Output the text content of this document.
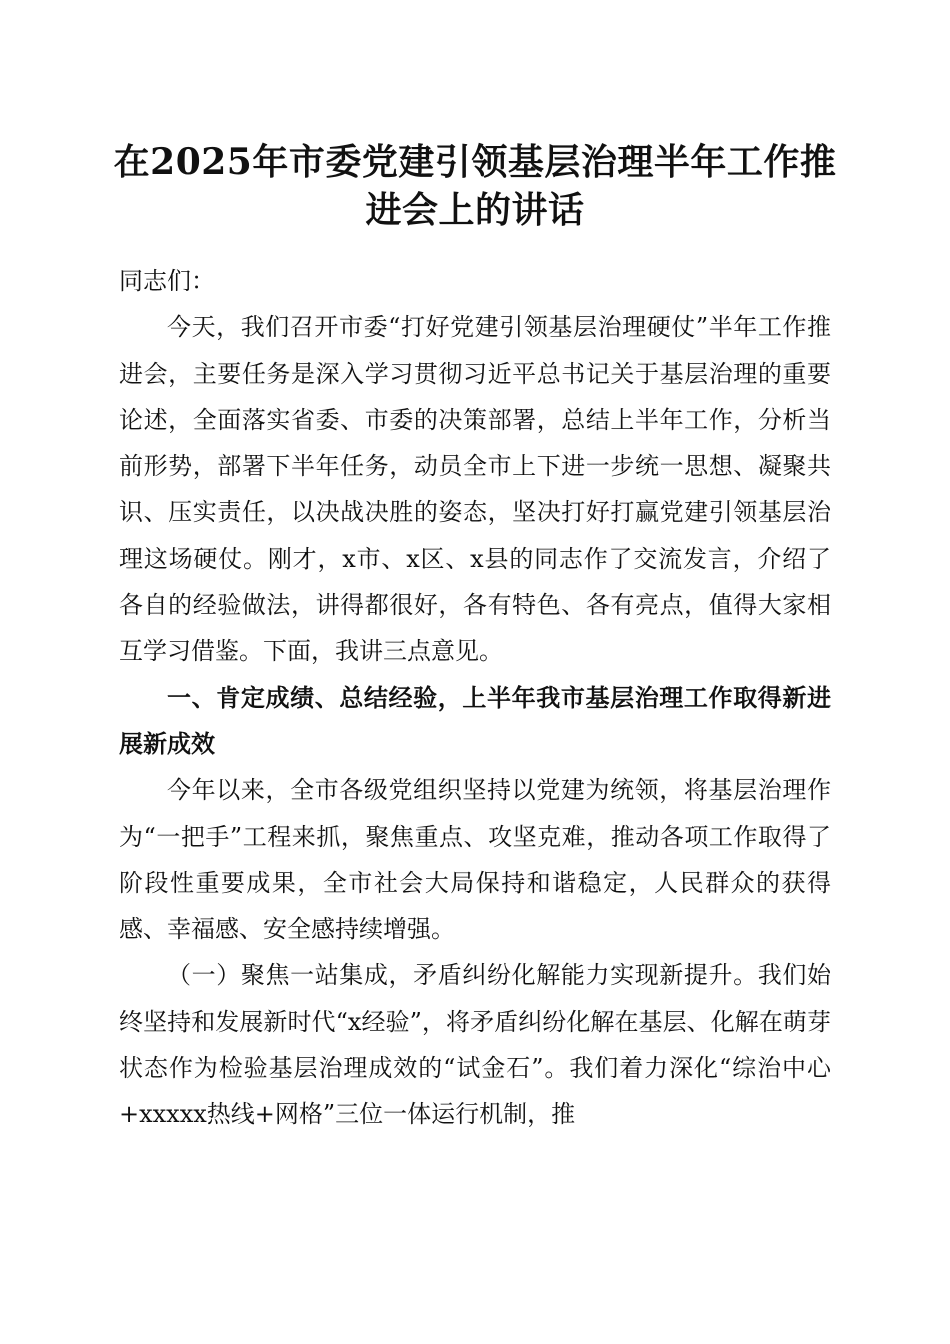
在2025年市委党建引领基层治理半年工作推
进会上的讲话

同志们：

今天，我们召开市委“打好党建引领基层治理硬仗”半年工作推进会，主要任务是深入学习贯彻习近平总书记关于基层治理的重要论述，全面落实省委、市委的决策部署，总结上半年工作，分析当前形势，部署下半年任务，动员全市上下进一步统一思想、凝聚共识、压实责任，以决战决胜的姿态，坚决打好打赢党建引领基层治理这场硬仗。刚才，x市、x区、x县的同志作了交流发言，介绍了各自的经验做法，讲得都很好，各有特色、各有亮点，值得大家相互学习借鉴。下面，我讲三点意见。

一、肯定成绩、总结经验，上半年我市基层治理工作取得新进展新成效

今年以来，全市各级党组织坚持以党建为统领，将基层治理作为“一把手”工程来抓，聚焦重点、攻坚克难，推动各项工作取得了阶段性重要成果，全市社会大局保持和谐稳定，人民群众的获得感、幸福感、安全感持续增强。

（一）聚焦一站集成，矛盾纠纷化解能力实现新提升。我们始终坚持和发展新时代“x经验”，将矛盾纠纷化解在基层、化解在萌芽状态作为检验基层治理成效的“试金石”。我们着力深化“综治中心+xxxxx热线+网格”三位一体运行机制，推
